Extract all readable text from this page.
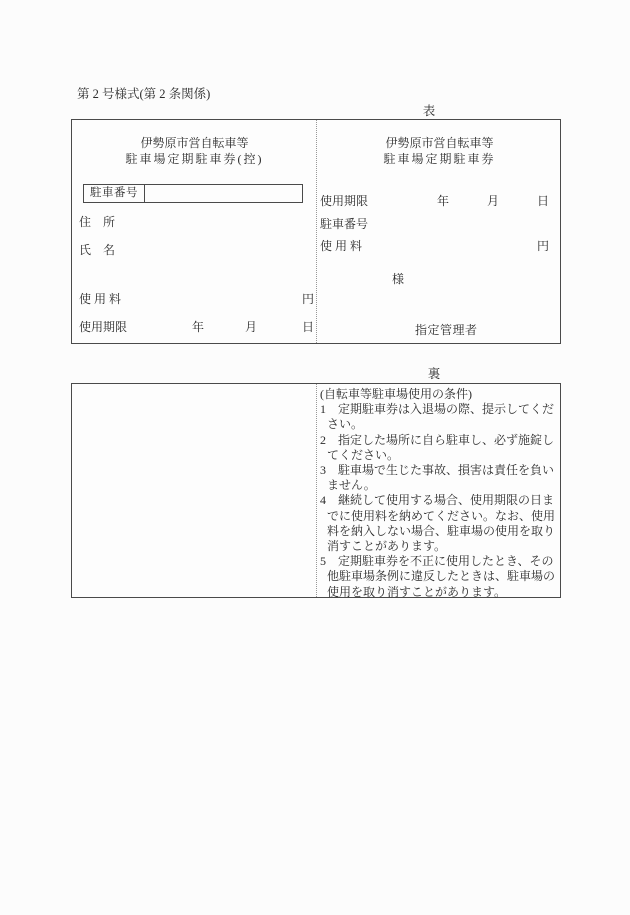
第 2 号様式(第 2 条関係)
表
伊勢原市営自転車等
駐車場定期駐車券(控)
駐車番号
住　所
氏　名
使 用 料	円
使用期限	年	月	日
伊勢原市営自転車等
駐車場定期駐車券
使用期限	年	月	日
駐車番号
使 用 料	円
様
指定管理者
裏
(自転車等駐車場使用の条件)
1　定期駐車券は入退場の際、提示してください。
2　指定した場所に自ら駐車し、必ず施錠してください。
3　駐車場で生じた事故、損害は責任を負いません。
4　継続して使用する場合、使用期限の日までに使用料を納めてください。なお、使用料を納入しない場合、駐車場の使用を取り消すことがあります。
5　定期駐車券を不正に使用したとき、その他駐車場条例に違反したときは、駐車場の使用を取り消すことがあります。
